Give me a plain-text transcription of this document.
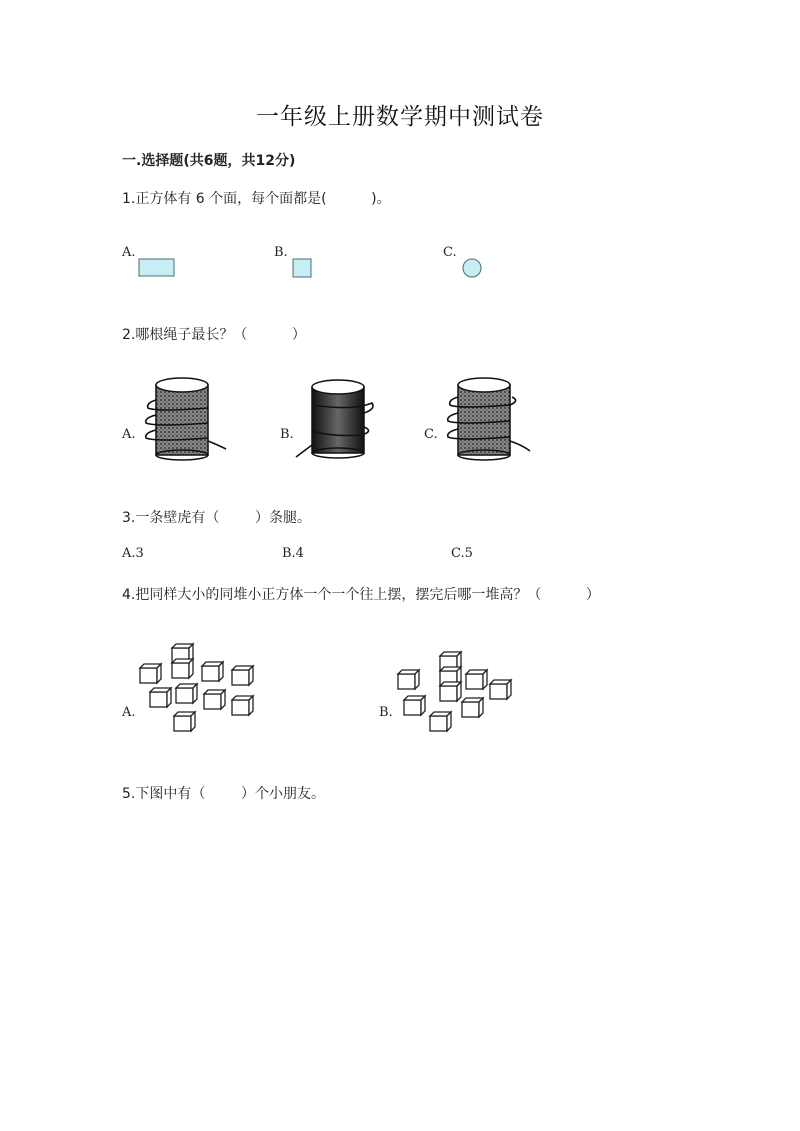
一年级上册数学期中测试卷
一.选择题(共6题，共12分)
1.正方体有 6 个面，每个面都是(          )。
A.	B.	C.
2.哪根绳子最长？（          ）
A.	B.	C.
3.一条壁虎有（        ）条腿。
A.3	B.4	C.5
4.把同样大小的同堆小正方体一个一个往上摆，摆完后哪一堆高？（          ）
A.	B.
5.下图中有（        ）个小朋友。
